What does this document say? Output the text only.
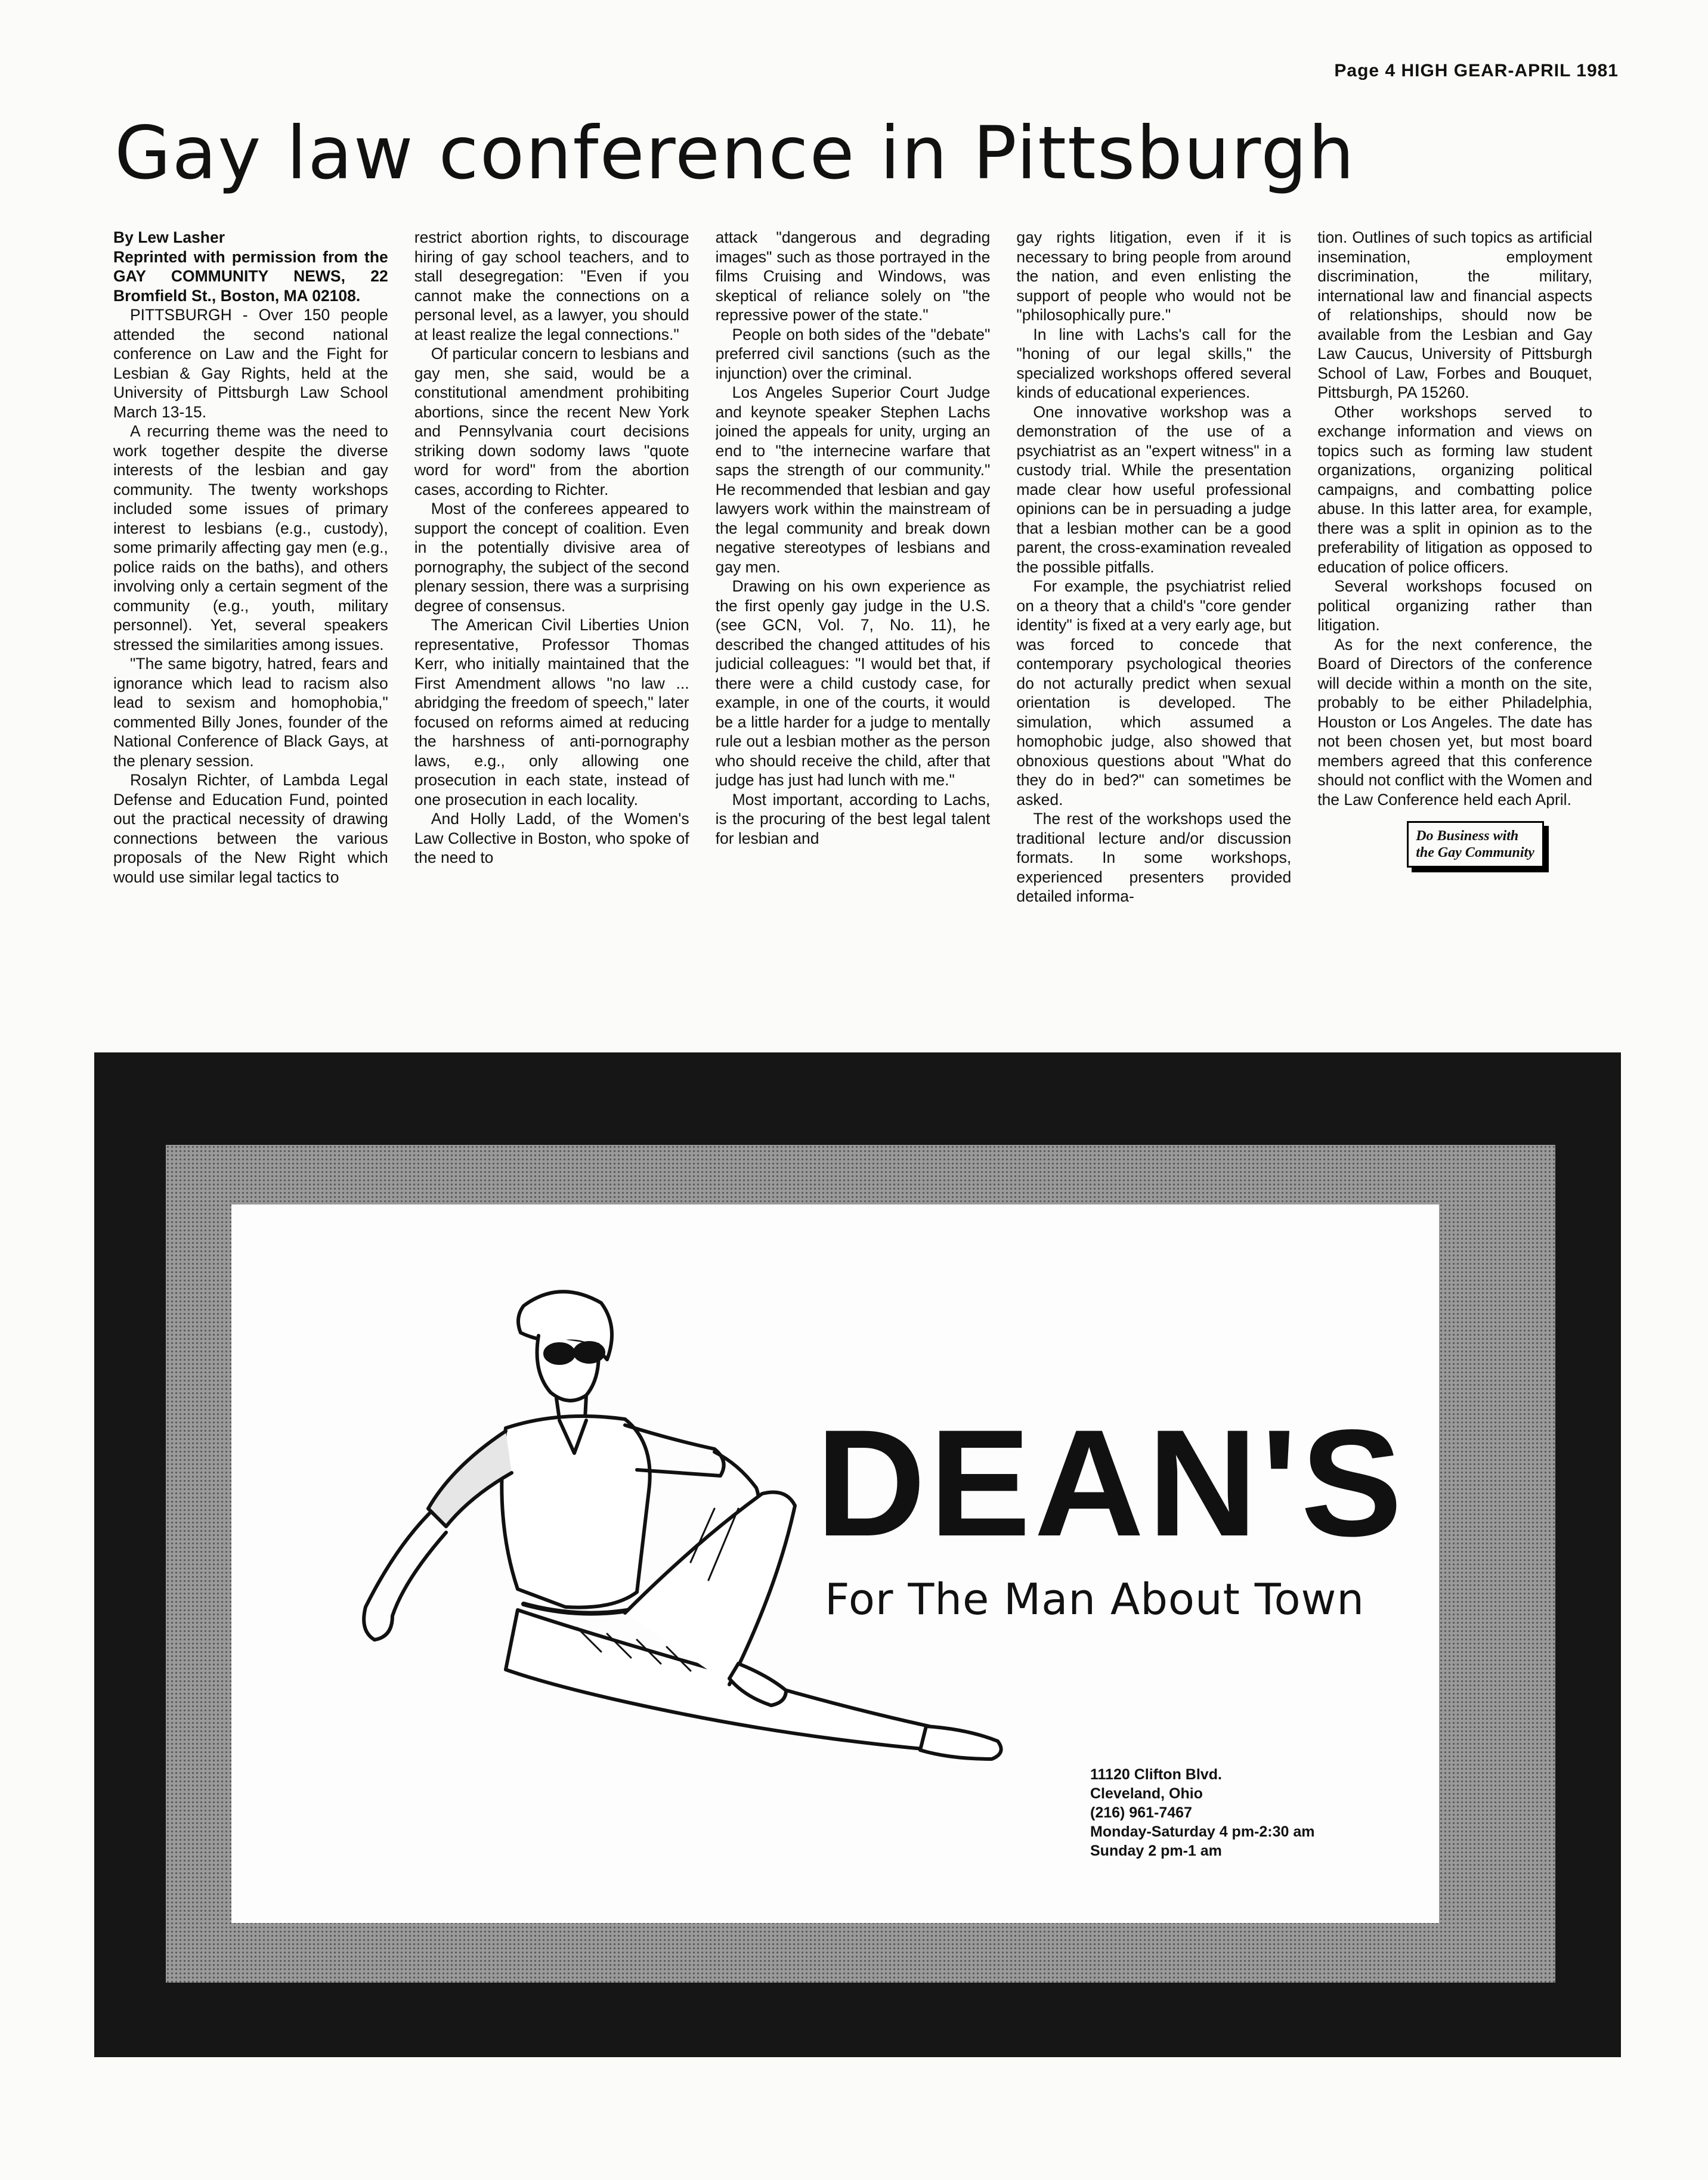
Page 4 HIGH GEAR-APRIL 1981
Gay law conference in Pittsburgh

By Lew Lasher

Reprinted with permission from the GAY COMMUNITY NEWS, 22 Bromfield St., Boston, MA 02108.

PITTSBURGH - Over 150 people attended the second national conference on Law and the Fight for Lesbian & Gay Rights, held at the University of Pittsburgh Law School March 13-15.

A recurring theme was the need to work together despite the diverse interests of the lesbian and gay community. The twenty workshops included some issues of primary interest to lesbians (e.g., custody), some primarily affecting gay men (e.g., police raids on the baths), and others involving only a certain segment of the community (e.g., youth, military personnel). Yet, several speakers stressed the similarities among issues.

"The same bigotry, hatred, fears and ignorance which lead to racism also lead to sexism and homophobia," commented Billy Jones, founder of the National Conference of Black Gays, at the plenary session.

Rosalyn Richter, of Lambda Legal Defense and Education Fund, pointed out the practical necessity of drawing connections between the various proposals of the New Right which would use similar legal tactics to

restrict abortion rights, to discourage hiring of gay school teachers, and to stall desegregation: "Even if you cannot make the connections on a personal level, as a lawyer, you should at least realize the legal connections."

Of particular concern to lesbians and gay men, she said, would be a constitutional amendment prohibiting abortions, since the recent New York and Pennsylvania court decisions striking down sodomy laws "quote word for word" from the abortion cases, according to Richter.

Most of the conferees appeared to support the concept of coalition. Even in the potentially divisive area of pornography, the subject of the second plenary session, there was a surprising degree of consensus.

The American Civil Liberties Union representative, Professor Thomas Kerr, who initially maintained that the First Amendment allows "no law ... abridging the freedom of speech," later focused on reforms aimed at reducing the harshness of anti-pornography laws, e.g., only allowing one prosecution in each state, instead of one prosecution in each locality.

And Holly Ladd, of the Women's Law Collective in Boston, who spoke of the need to

attack "dangerous and degrading images" such as those portrayed in the films Cruising and Windows, was skeptical of reliance solely on "the repressive power of the state."

People on both sides of the "debate" preferred civil sanctions (such as the injunction) over the criminal.

Los Angeles Superior Court Judge and keynote speaker Stephen Lachs joined the appeals for unity, urging an end to "the internecine warfare that saps the strength of our community." He recommended that lesbian and gay lawyers work within the mainstream of the legal community and break down negative stereotypes of lesbians and gay men.

Drawing on his own experience as the first openly gay judge in the U.S. (see GCN, Vol. 7, No. 11), he described the changed attitudes of his judicial colleagues: "I would bet that, if there were a child custody case, for example, in one of the courts, it would be a little harder for a judge to mentally rule out a lesbian mother as the person who should receive the child, after that judge has just had lunch with me."

Most important, according to Lachs, is the procuring of the best legal talent for lesbian and

gay rights litigation, even if it is necessary to bring people from around the nation, and even enlisting the support of people who would not be "philosophically pure."

In line with Lachs's call for the "honing of our legal skills," the specialized workshops offered several kinds of educational experiences.

One innovative workshop was a demonstration of the use of a psychiatrist as an "expert witness" in a custody trial. While the presentation made clear how useful professional opinions can be in persuading a judge that a lesbian mother can be a good parent, the cross-examination revealed the possible pitfalls.

For example, the psychiatrist relied on a theory that a child's "core gender identity" is fixed at a very early age, but was forced to concede that contemporary psychological theories do not acturally predict when sexual orientation is developed. The simulation, which assumed a homophobic judge, also showed that obnoxious questions about "What do they do in bed?" can sometimes be asked.

The rest of the workshops used the traditional lecture and/or discussion formats. In some workshops, experienced presenters provided detailed informa-

tion. Outlines of such topics as artificial insemination, employment discrimination, the military, international law and financial aspects of relationships, should now be available from the Lesbian and Gay Law Caucus, University of Pittsburgh School of Law, Forbes and Bouquet, Pittsburgh, PA 15260.

Other workshops served to exchange information and views on topics such as forming law student organizations, organizing political campaigns, and combatting police abuse. In this latter area, for example, there was a split in opinion as to the preferability of litigation as opposed to education of police officers.

Several workshops focused on political organizing rather than litigation.

As for the next conference, the Board of Directors of the conference will decide within a month on the site, probably to be either Philadelphia, Houston or Los Angeles. The date has not been chosen yet, but most board members agreed that this conference should not conflict with the Women and the Law Conference held each April.

Do Business with the Gay Community
DEAN'S
For The Man About Town
11120 Clifton Blvd.
Cleveland, Ohio
(216) 961-7467
Monday-Saturday 4 pm-2:30 am
Sunday 2 pm-1 am
